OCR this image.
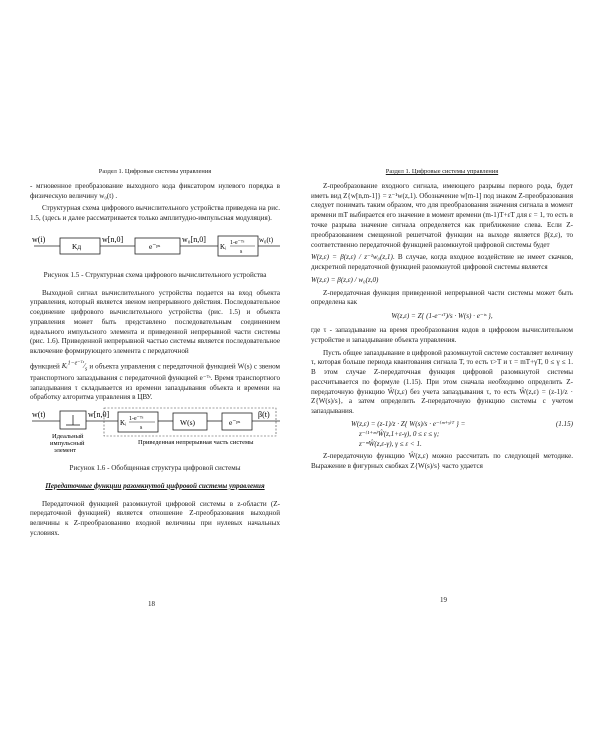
Раздел 1. Цифровые системы управления

- мгновенное преобразование выходного кода фиксатором нулевого порядка в физическую величину w₀(t) .

Структурная схема цифрового вычислительного устройства приведена на рис. 1.5, (здесь и далее рассматривается только амплитудно-импульсная модуляция).

w(i)
Kд
w[n,0]
e⁻ᵖˢ
w₀[n,0]
Kᵢ 1-e⁻ᵀˢ
s
w₀(t)
Рисунок 1.5 - Структурная схема цифрового вычислительного устройства

Выходной сигнал вычислительного устройства подается на вход объекта управления, который является звеном непрерывного действия. Последовательное соединение цифрового вычислительного устройства (рис. 1.5) и объекта управления может быть представлено последовательным соединением идеального импульсного элемента и приведенной непрерывной части системы (рис. 1.6). Приведенной непрерывной частью системы является последовательное включение формирующего элемента с передаточной

функцией $Kᵢ^{1-e^-ᵀˢ}⁄_s$ и объекта управления с передаточной функцией W(s) с звеном транспортного запаздывания с передаточной функцией e⁻ᵀˢ. Время транспортного запаздывания τ складывается из времени запаздывания объекта и времени на обработку алгоритма управления в ЦВУ.

w(t)	w[n,0]
Kᵢ 1-e⁻ᵀˢ
s
W(s)	e⁻ᵖˢ
β(t)
Идеальный
импульсный
элемент
Приведенная непрерывная часть системы
Рисунок 1.6 - Обобщенная структура цифровой системы
Передаточные функции разомкнутой цифровой системы управления

Передаточной функцией разомкнутой цифровой системы в z-области (Z-передаточной функцией) является отношение Z-преобразования выходной величины к Z-преобразованию входной величины при нулевых начальных условиях.

18
Раздел 1. Цифровые системы управления

Z-преобразование входного сигнала, имеющего разрывы первого рода, будет иметь вид Z{w[n,m-1]} = z⁻¹w(z,1). Обозначение w[m-1] под знаком Z-преобразования следует понимать таким образом, что для преобразования значения сигнала в момент времени mT выбирается его значение в момент времени (m-1)T+εT для ε = 1, то есть в точке разрыва значение сигнала определяется как приближение слева. Если Z-преобразованием смещенной решетчатой функции на выходе является β(z,ε), то соответственно передаточной функцией разомкнутой цифровой системы будет

W(z,ε) = β(z,ε) / z⁻¹w₀(z,1). В случае, когда входное воздействие не имеет скачков, дискретной передаточной функцией разомкнутой цифровой системы является

W(z,ε) = β(z,ε) / w₀(z,0)

Z-передаточная функция приведенной непрерывной части системы может быть определена как

W(z,ε) = Z{ (1-e⁻ˢᵀ)/s · W(s) · e⁻ᵗˢ },

где τ - запаздывание на время преобразования кодов в цифровом вычислительном устройстве и запаздывание объекта управления.

Пусть общее запаздывание в цифровой разомкнутой системе составляет величину τ, которая больше периода квантования сигнала T, то есть τ>T и τ = mT+γT, 0 ≤ γ ≤ 1. В этом случае Z-передаточная функция цифровой разомкнутой системы рассчитывается по формуле (1.15). При этом сначала необходимо определить Z-передаточную функцию Ŵ(z,ε) без учета запаздывания τ, то есть Ŵ(z,ε) = (z-1)/z · Z{W(s)/s}, а затем определить Z-передаточную функцию системы с учетом запаздывания.

(1.15)
W(z,ε) = (z-1)/z · Z{ W(s)/s · e⁻⁽ᵐ⁺ᵞ⁾ᵀ } =
z⁻⁽¹⁺ᵐ⁾Ŵ(z,1+ε-γ), 0 ≤ ε ≤ γ;
z⁻ᵐŴ(z,ε-γ), γ ≤ ε < 1.

Z-передаточную функцию Ŵ(z,ε) можно рассчитать по следующей методике. Выражение в фигурных скобках Z{W(s)/s} часто удается

19
